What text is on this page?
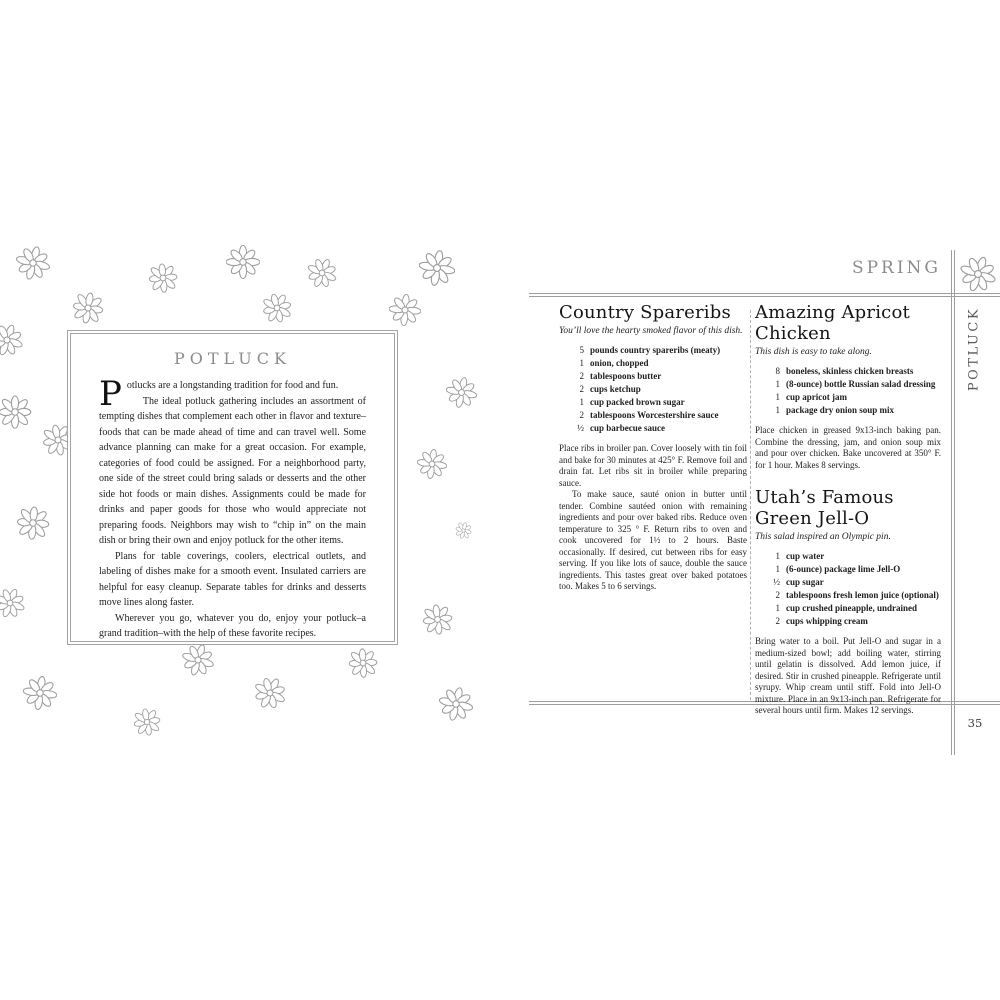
POTLUCK

Potlucks are a longstanding tradition for food and fun.

The ideal potluck gathering includes an assortment of tempting dishes that complement each other in flavor and texture–foods that can be made ahead of time and can travel well. Some advance planning can make for a great occasion. For example, categories of food could be assigned. For a neighborhood party, one side of the street could bring salads or desserts and the other side hot foods or main dishes. Assignments could be made for drinks and paper goods for those who would appreciate not preparing foods. Neighbors may wish to “chip in” on the main dish or bring their own and enjoy potluck for the other items.

Plans for table coverings, coolers, electrical outlets, and labeling of dishes make for a smooth event. Insulated carriers are helpful for easy cleanup. Separate tables for drinks and desserts move lines along faster.

Wherever you go, whatever you do, enjoy your potluck–a grand tradition–with the help of these favorite recipes.

SPRING
POTLUCK
35
Country Spareribs

You’ll love the hearty smoked flavor of this dish.

5 pounds country spareribs (meaty)
1 onion, chopped
2 tablespoons butter
2 cups ketchup
1 cup packed brown sugar
2 tablespoons Worcestershire sauce
½ cup barbecue sauce

Place ribs in broiler pan. Cover loosely with tin foil and bake for 30 minutes at 425° F. Remove foil and drain fat. Let ribs sit in broiler while preparing sauce.

To make sauce, sauté onion in butter until tender. Combine sautéed onion with remaining ingredients and pour over baked ribs. Reduce oven temperature to 325 ° F. Return ribs to oven and cook uncovered for 1½ to 2 hours. Baste occasionally. If desired, cut between ribs for easy serving. If you like lots of sauce, double the sauce ingredients. This tastes great over baked potatoes too. Makes 5 to 6 servings.

Amazing Apricot Chicken

This dish is easy to take along.

8 boneless, skinless chicken breasts
1 (8-ounce) bottle Russian salad dressing
1 cup apricot jam
1 package dry onion soup mix

Place chicken in greased 9x13-inch baking pan. Combine the dressing, jam, and onion soup mix and pour over chicken. Bake uncovered at 350° F. for 1 hour. Makes 8 servings.

Utah’s Famous Green Jell-O

This salad inspired an Olympic pin.

1 cup water
1 (6-ounce) package lime Jell-O
½ cup sugar
2 tablespoons fresh lemon juice (optional)
1 cup crushed pineapple, undrained
2 cups whipping cream

Bring water to a boil. Put Jell-O and sugar in a medium-sized bowl; add boiling water, stirring until gelatin is dissolved. Add lemon juice, if desired. Stir in crushed pineapple. Refrigerate until syrupy. Whip cream until stiff. Fold into Jell-O mixture. Place in an 9x13-inch pan. Refrigerate for several hours until firm. Makes 12 servings.
